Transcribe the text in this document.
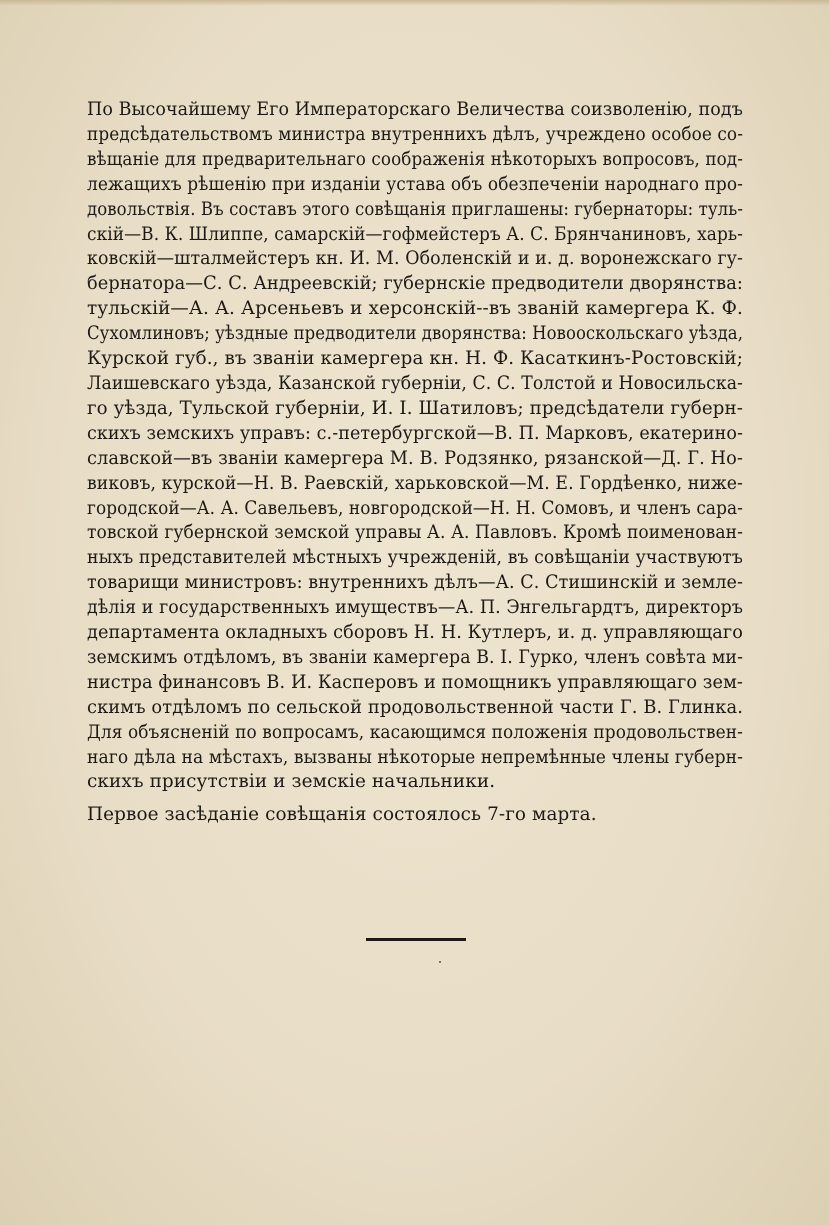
По Высочайшему Его Императорскаго Величества соизволенію, подъ
предсѣдательствомъ министра внутреннихъ дѣлъ, учреждено особое со-
вѣщаніе для предварительнаго соображенія нѣкоторыхъ вопросовъ, под-
лежащихъ рѣшенію при изданіи устава объ обезпеченіи народнаго про-
довольствія. Въ составъ этого совѣщанія приглашены: губернаторы: туль-
скій—В. К. Шлиппе, самарскій—гофмейстеръ А. С. Брянчаниновъ, харь-
ковскій—шталмейстеръ кн. И. М. Оболенскій и и. д. воронежскаго гу-
бернатора—С. С. Андреевскій; губернскіе предводители дворянства:
тульскій—А. А. Арсеньевъ и херсонскій--въ званій камергера К. Ф.
Сухомлиновъ; уѣздные предводители дворянства: Новооскольскаго уѣзда,
Курской губ., въ званіи камергера кн. Н. Ф. Касаткинъ-Ростовскій;
Лаишевскаго уѣзда, Казанской губерніи, С. С. Толстой и Новосильска-
го уѣзда, Тульской губерніи, И. I. Шатиловъ; предсѣдатели губерн-
скихъ земскихъ управъ: с.-петербургской—В. П. Марковъ, екатерино-
славской—въ званіи камергера М. В. Родзянко, рязанской—Д. Г. Но-
виковъ, курской—Н. В. Раевскій, харьковской—М. Е. Гордѣенко, ниже-
городской—А. А. Савельевъ, новгородской—Н. Н. Сомовъ, и членъ сара-
товской губернской земской управы А. А. Павловъ. Кромѣ поименован-
ныхъ представителей мѣстныхъ учрежденій, въ совѣщаніи участвуютъ
товарищи министровъ: внутреннихъ дѣлъ—А. С. Стишинскій и земле-
дѣлія и государственныхъ имуществъ—А. П. Энгельгардтъ, директоръ
департамента окладныхъ сборовъ Н. Н. Кутлеръ, и. д. управляющаго
земскимъ отдѣломъ, въ званіи камергера В. I. Гурко, членъ совѣта ми-
нистра финансовъ В. И. Касперовъ и помощникъ управляющаго зем-
скимъ отдѣломъ по сельской продовольственной части Г. В. Глинка.
Для объясненій по вопросамъ, касающимся положенія продовольствен-
наго дѣла на мѣстахъ, вызваны нѣкоторые непремѣнные члены губерн-
скихъ присутствіи и земскіе начальники.
Первое засѣданіе совѣщанія состоялось 7-го марта.
